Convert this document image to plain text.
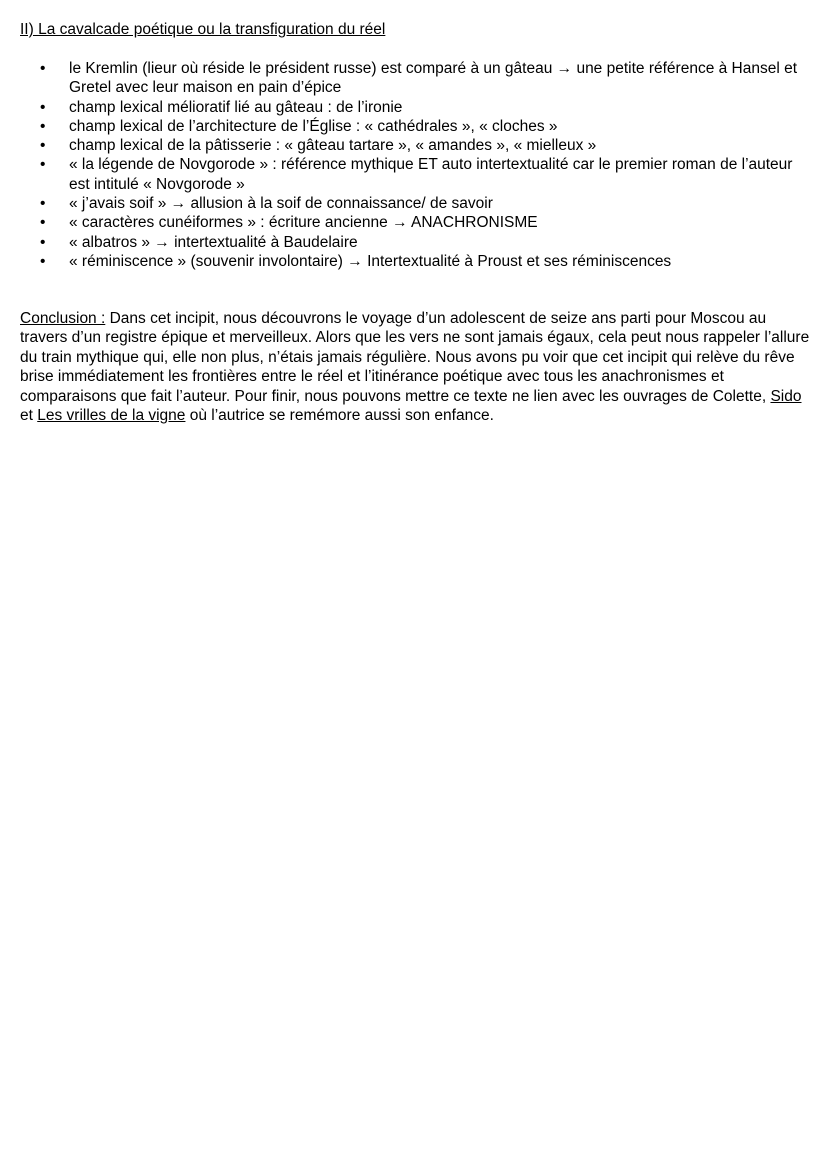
II) La cavalcade poétique ou la transfiguration du réel
• le Kremlin (lieur où réside le président russe) est comparé à un gâteau → une petite référence à Hansel et Gretel avec leur maison en pain d’épice
• champ lexical mélioratif lié au gâteau : de l’ironie
• champ lexical de l’architecture de l’Église : « cathédrales », « cloches »
• champ lexical de la pâtisserie : « gâteau tartare », « amandes », « mielleux »
• « la légende de Novgorode » : référence mythique ET auto intertextualité car le premier roman de l’auteur est intitulé « Novgorode »
• « j’avais soif » → allusion à la soif de connaissance/ de savoir
• « caractères cunéiformes » : écriture ancienne → ANACHRONISME
• « albatros » → intertextualité à Baudelaire
• « réminiscence » (souvenir involontaire) → Intertextualité à Proust et ses réminiscences

Conclusion : Dans cet incipit, nous découvrons le voyage d’un adolescent de seize ans parti pour Moscou au travers d’un registre épique et merveilleux. Alors que les vers ne sont jamais égaux, cela peut nous rappeler l’allure du train mythique qui, elle non plus, n’étais jamais régulière. Nous avons pu voir que cet incipit qui relève du rêve brise immédiatement les frontières entre le réel et l’itinérance poétique avec tous les anachronismes et comparaisons que fait l’auteur. Pour finir, nous pouvons mettre ce texte ne lien avec les ouvrages de Colette, Sido et Les vrilles de la vigne où l’autrice se remémore aussi son enfance.
